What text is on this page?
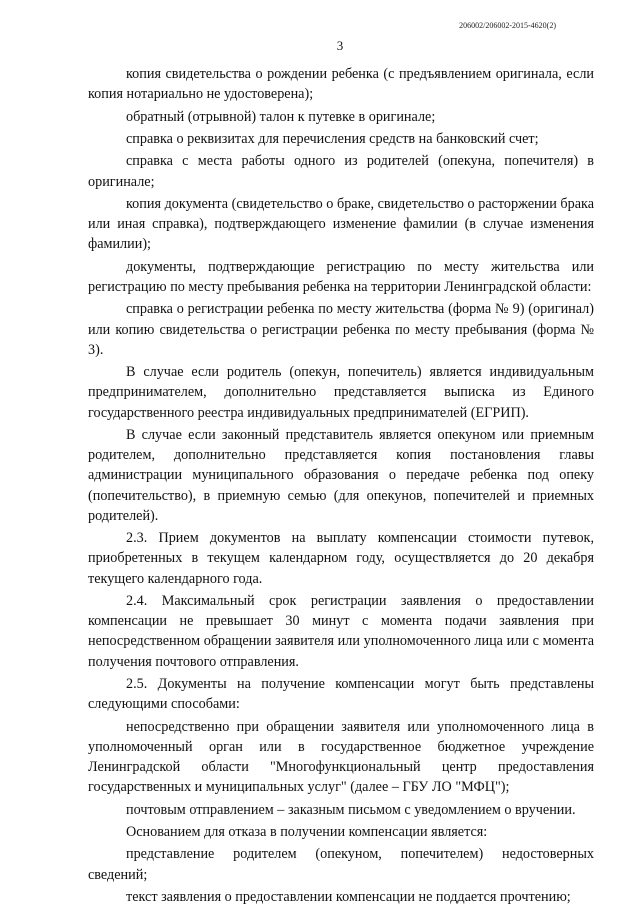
206002/206002-2015-4620(2)
3

копия свидетельства о рождении ребенка (с предъявлением оригинала, если копия нотариально не удостоверена);

обратный (отрывной) талон к путевке в оригинале;

справка о реквизитах для перечисления средств на банковский счет;

справка с места работы одного из родителей (опекуна, попечителя) в оригинале;

копия документа (свидетельство о браке, свидетельство о расторжении брака или иная справка), подтверждающего изменение фамилии (в случае изменения фамилии);

документы, подтверждающие регистрацию по месту жительства или регистрацию по месту пребывания ребенка на территории Ленинградской области:

справка о регистрации ребенка по месту жительства (форма № 9) (оригинал) или копию свидетельства о регистрации ребенка по месту пребывания (форма № 3).

В случае если родитель (опекун, попечитель) является индивидуальным предпринимателем, дополнительно представляется выписка из Единого государственного реестра индивидуальных предпринимателей (ЕГРИП).

В случае если законный представитель является опекуном или приемным родителем, дополнительно представляется копия постановления главы администрации муниципального образования о передаче ребенка под опеку (попечительство), в приемную семью (для опекунов, попечителей и приемных родителей).

2.3. Прием документов на выплату компенсации стоимости путевок, приобретенных в текущем календарном году, осуществляется до 20 декабря текущего календарного года.

2.4. Максимальный срок регистрации заявления о предоставлении компенсации не превышает 30 минут с момента подачи заявления при непосредственном обращении заявителя или уполномоченного лица или с момента получения почтового отправления.

2.5. Документы на получение компенсации могут быть представлены следующими способами:

непосредственно при обращении заявителя или уполномоченного лица в уполномоченный орган или в государственное бюджетное учреждение Ленинградской области "Многофункциональный центр предоставления государственных и муниципальных услуг" (далее – ГБУ ЛО "МФЦ");

почтовым отправлением – заказным письмом с уведомлением о вручении.

Основанием для отказа в получении компенсации является:

представление родителем (опекуном, попечителем) недостоверных сведений;

текст заявления о предоставлении компенсации не поддается прочтению;
